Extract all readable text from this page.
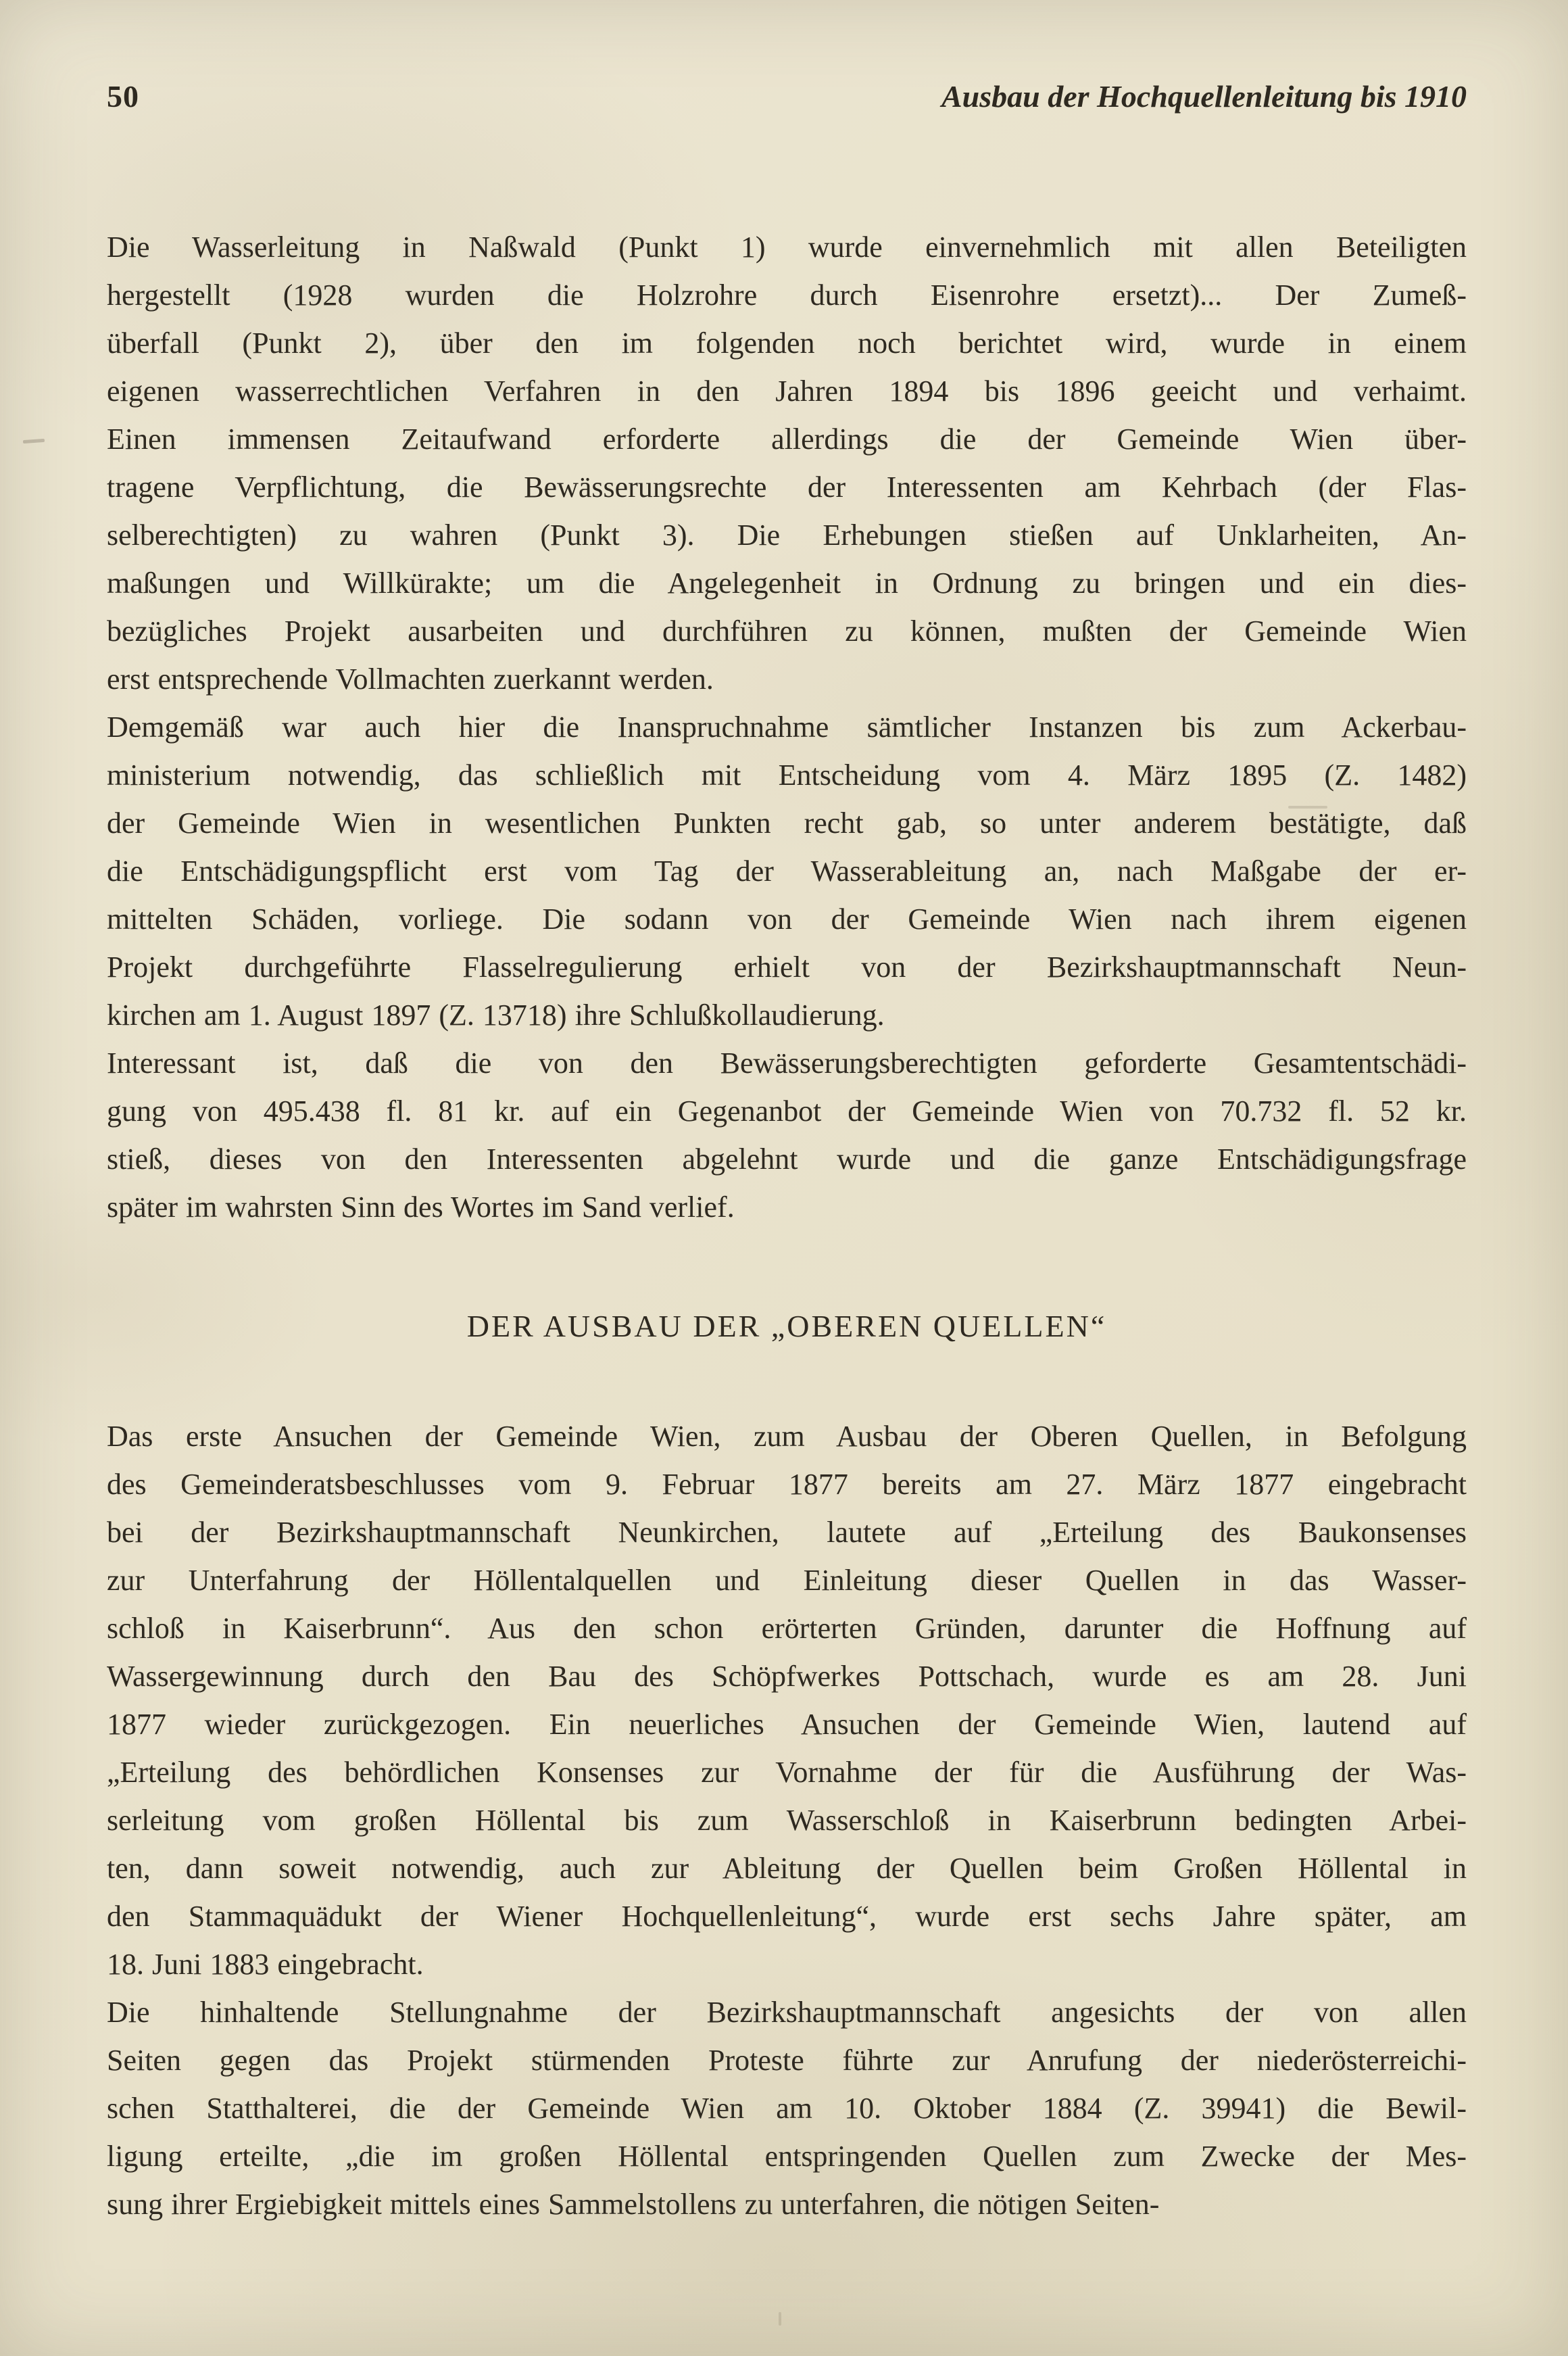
50	Ausbau der Hochquellenleitung bis 1910
Die Wasserleitung in Naßwald (Punkt 1) wurde einvernehmlich mit allen Beteiligten
hergestellt (1928 wurden die Holzrohre durch Eisenrohre ersetzt)... Der Zumeß-
überfall (Punkt 2), über den im folgenden noch berichtet wird, wurde in einem
eigenen wasserrechtlichen Verfahren in den Jahren 1894 bis 1896 geeicht und verhaimt.
Einen immensen Zeitaufwand erforderte allerdings die der Gemeinde Wien über-
tragene Verpflichtung, die Bewässerungsrechte der Interessenten am Kehrbach (der Flas-
selberechtigten) zu wahren (Punkt 3). Die Erhebungen stießen auf Unklarheiten, An-
maßungen und Willkürakte; um die Angelegenheit in Ordnung zu bringen und ein dies-
bezügliches Projekt ausarbeiten und durchführen zu können, mußten der Gemeinde Wien
erst entsprechende Vollmachten zuerkannt werden.
Demgemäß war auch hier die Inanspruchnahme sämtlicher Instanzen bis zum Ackerbau-
ministerium notwendig, das schließlich mit Entscheidung vom 4. März 1895 (Z. 1482)
der Gemeinde Wien in wesentlichen Punkten recht gab, so unter anderem bestätigte, daß
die Entschädigungspflicht erst vom Tag der Wasserableitung an, nach Maßgabe der er-
mittelten Schäden, vorliege. Die sodann von der Gemeinde Wien nach ihrem eigenen
Projekt durchgeführte Flasselregulierung erhielt von der Bezirkshauptmannschaft Neun-
kirchen am 1. August 1897 (Z. 13718) ihre Schlußkollaudierung.
Interessant ist, daß die von den Bewässerungsberechtigten geforderte Gesamtentschädi-
gung von 495.438 fl. 81 kr. auf ein Gegenanbot der Gemeinde Wien von 70.732 fl. 52 kr.
stieß, dieses von den Interessenten abgelehnt wurde und die ganze Entschädigungsfrage
später im wahrsten Sinn des Wortes im Sand verlief.
DER AUSBAU DER „OBEREN QUELLEN“
Das erste Ansuchen der Gemeinde Wien, zum Ausbau der Oberen Quellen, in Befolgung
des Gemeinderatsbeschlusses vom 9. Februar 1877 bereits am 27. März 1877 eingebracht
bei der Bezirkshauptmannschaft Neunkirchen, lautete auf „Erteilung des Baukonsenses
zur Unterfahrung der Höllentalquellen und Einleitung dieser Quellen in das Wasser-
schloß in Kaiserbrunn“. Aus den schon erörterten Gründen, darunter die Hoffnung auf
Wassergewinnung durch den Bau des Schöpfwerkes Pottschach, wurde es am 28. Juni
1877 wieder zurückgezogen. Ein neuerliches Ansuchen der Gemeinde Wien, lautend auf
„Erteilung des behördlichen Konsenses zur Vornahme der für die Ausführung der Was-
serleitung vom großen Höllental bis zum Wasserschloß in Kaiserbrunn bedingten Arbei-
ten, dann soweit notwendig, auch zur Ableitung der Quellen beim Großen Höllental in
den Stammaquädukt der Wiener Hochquellenleitung“, wurde erst sechs Jahre später, am
18. Juni 1883 eingebracht.
Die hinhaltende Stellungnahme der Bezirkshauptmannschaft angesichts der von allen
Seiten gegen das Projekt stürmenden Proteste führte zur Anrufung der niederösterreichi-
schen Statthalterei, die der Gemeinde Wien am 10. Oktober 1884 (Z. 39941) die Bewil-
ligung erteilte, „die im großen Höllental entspringenden Quellen zum Zwecke der Mes-
sung ihrer Ergiebigkeit mittels eines Sammelstollens zu unterfahren, die nötigen Seiten-
